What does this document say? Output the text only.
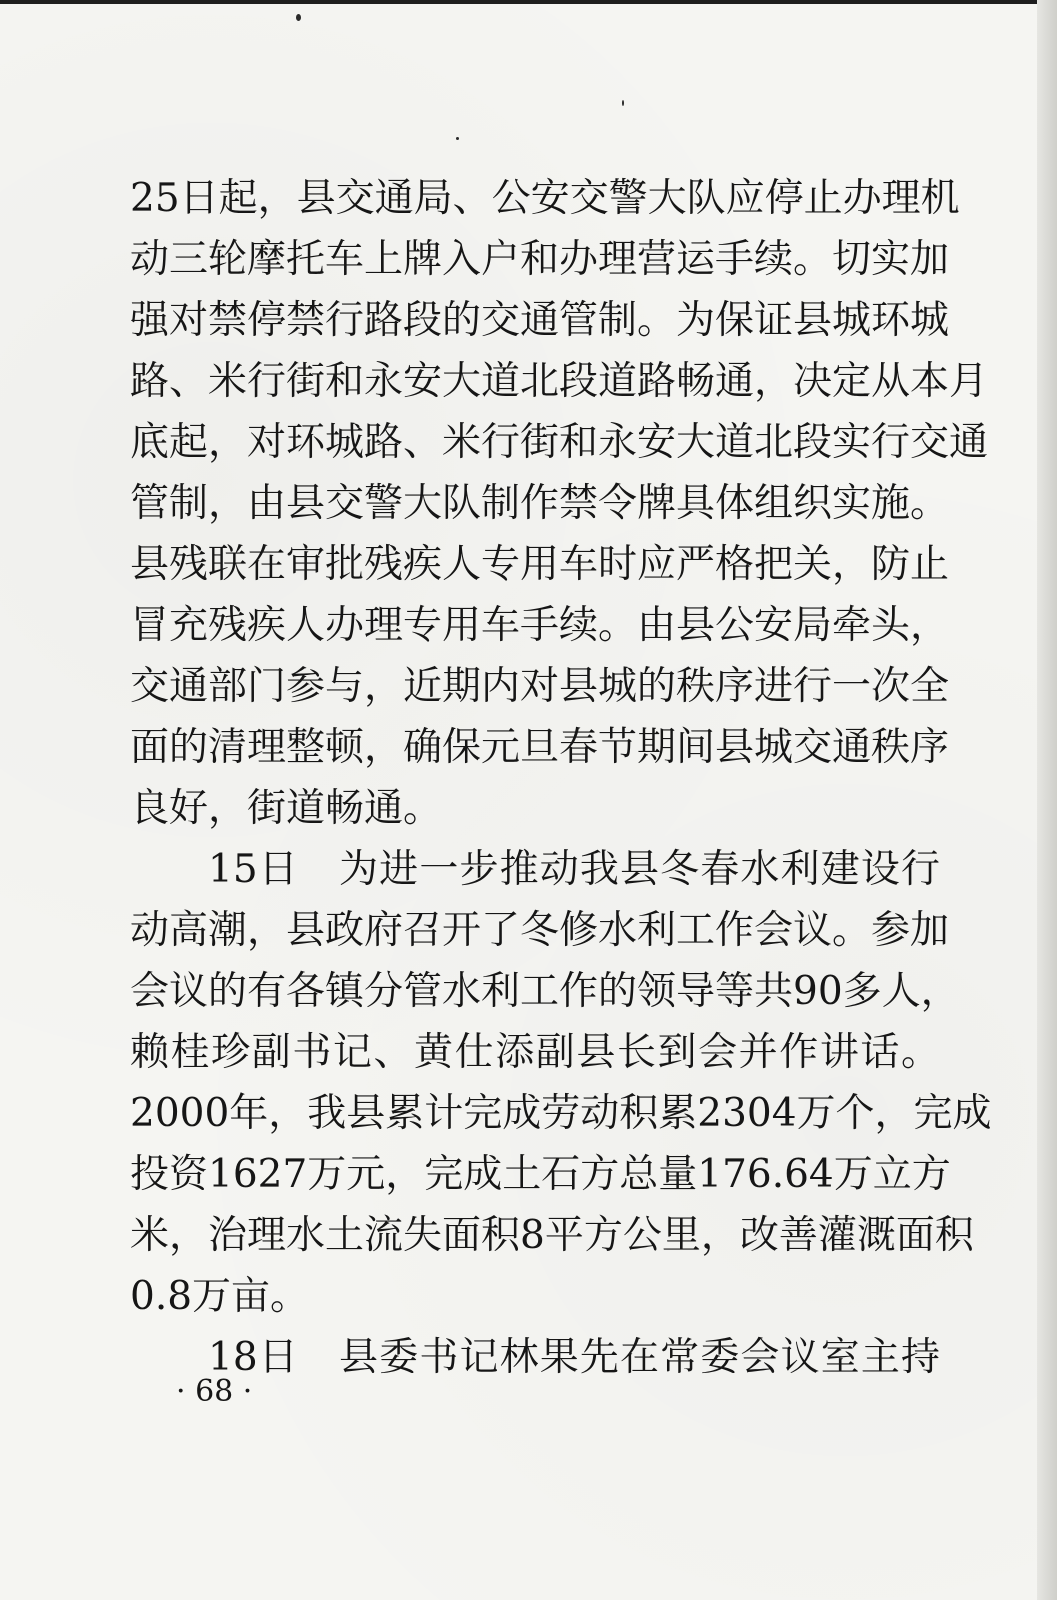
25日起，县交通局、公安交警大队应停止办理机
动三轮摩托车上牌入户和办理营运手续。切实加
强对禁停禁行路段的交通管制。为保证县城环城
路、米行街和永安大道北段道路畅通，决定从本月
底起，对环城路、米行街和永安大道北段实行交通
管制，由县交警大队制作禁令牌具体组织实施。
县残联在审批残疾人专用车时应严格把关，防止
冒充残疾人办理专用车手续。由县公安局牵头，
交通部门参与，近期内对县城的秩序进行一次全
面的清理整顿，确保元旦春节期间县城交通秩序
良好，街道畅通。
15日　为进一步推动我县冬春水利建设行
动高潮，县政府召开了冬修水利工作会议。参加
会议的有各镇分管水利工作的领导等共90多人，
赖桂珍副书记、黄仕添副县长到会并作讲话。
2000年，我县累计完成劳动积累2304万个，完成
投资1627万元，完成土石方总量176.64万立方
米，治理水土流失面积8平方公里，改善灌溉面积
0.8万亩。
18日　县委书记林果先在常委会议室主持
· 68 ·
